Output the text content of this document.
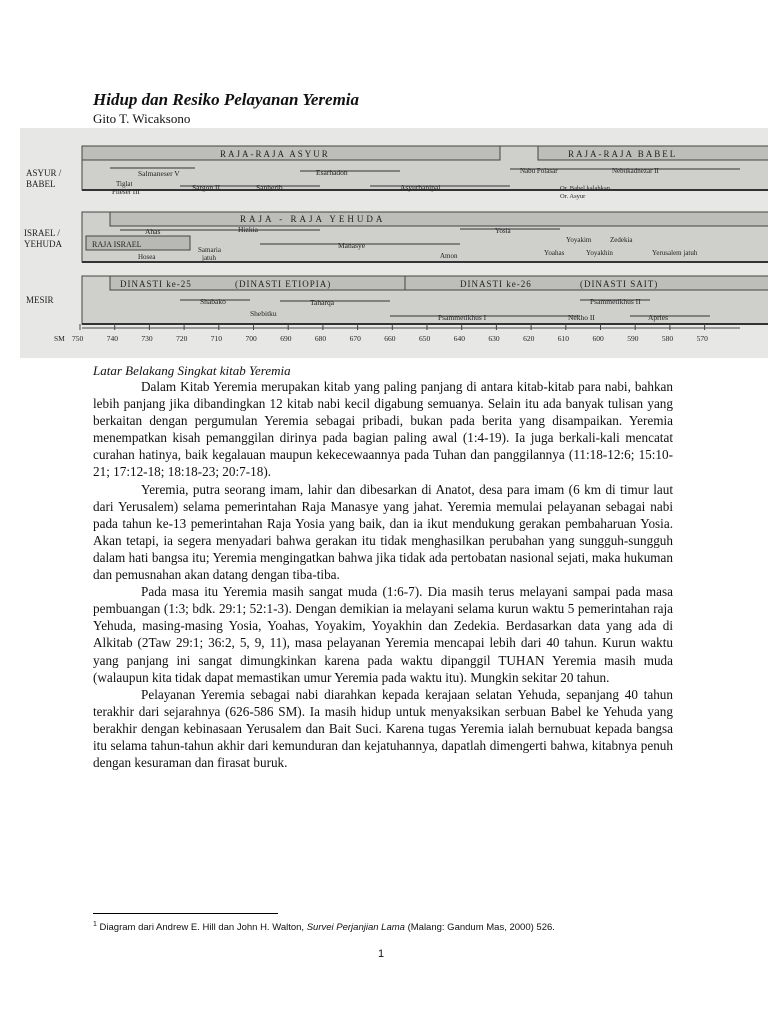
Hidup dan Resiko Pelayanan Yeremia
Gito T. Wicaksono
ASYUR /
BABEL
ISRAEL /
YEHUDA
MESIR
RAJA-RAJA ASYUR	RAJA-RAJA BABEL
RAJA - RAJA YEHUDA
RAJA ISRAEL
DINASTI ke-25	(DINASTI ETIOPIA)	DINASTI ke-26	(DINASTI SAIT)
Tiglat
Pileser III
Salmaneser V
Sargon II	Sanherib
Esarhadon
Asyurbanipal
Nabu Polasar	Nebukadnezar II
Or. Babel kalahkan
Or. Asyur
Ahas	Hizkia
Manasye
Yosia
Amon	Yoahas
Yoyakim
Yoyakhin
Zedekia
Yerusalem jatuh
Hosea
Samaria
jatuh
Shabako
Shebitku
Taharqa
Psammetikhus I
Psammetikhus II
Nekho II	Apries
SM 750	740	730	720	710	700	690	680	670	660	650	640	630	620	610	600	590	580	570
Latar Belakang Singkat kitab Yeremia

Dalam Kitab Yeremia merupakan kitab yang paling panjang di antara kitab-kitab para nabi, bahkan lebih panjang jika dibandingkan 12 kitab nabi kecil digabung semuanya. Selain itu ada banyak tulisan yang berkaitan dengan pergumulan Yeremia sebagai pribadi, bukan pada berita yang disampaikan. Yeremia menempatkan kisah pemanggilan dirinya pada bagian paling awal (1:4-19). Ia juga berkali-kali mencatat curahan hatinya, baik kegalauan maupun kekecewaannya pada Tuhan dan panggilannya (11:18-12:6; 15:10-21; 17:12-18; 18:18-23; 20:7-18).

Yeremia, putra seorang imam, lahir dan dibesarkan di Anatot, desa para imam (6 km di timur laut dari Yerusalem) selama pemerintahan Raja Manasye yang jahat. Yeremia memulai pelayanan sebagai nabi pada tahun ke-13 pemerintahan Raja Yosia yang baik, dan ia ikut mendukung gerakan pembaharuan Yosia. Akan tetapi, ia segera menyadari bahwa gerakan itu tidak menghasilkan perubahan yang sungguh-sungguh dalam hati bangsa itu; Yeremia mengingatkan bahwa jika tidak ada pertobatan nasional sejati, maka hukuman dan pemusnahan akan datang dengan tiba-tiba.

Pada masa itu Yeremia masih sangat muda (1:6-7). Dia masih terus melayani sampai pada masa pembuangan (1:3; bdk. 29:1; 52:1-3). Dengan demikian ia melayani selama kurun waktu 5 pemerintahan raja Yehuda, masing-masing Yosia, Yoahas, Yoyakim, Yoyakhin dan Zedekia. Berdasarkan data yang ada di Alkitab (2Taw 29:1; 36:2, 5, 9, 11), masa pelayanan Yeremia mencapai lebih dari 40 tahun. Kurun waktu yang panjang ini sangat dimungkinkan karena pada waktu dipanggil TUHAN Yeremia masih muda (walaupun kita tidak dapat memastikan umur Yeremia pada waktu itu). Mungkin sekitar 20 tahun.

Pelayanan Yeremia sebagai nabi diarahkan kepada kerajaan selatan Yehuda, sepanjang 40 tahun terakhir dari sejarahnya (626-586 SM). Ia masih hidup untuk menyaksikan serbuan Babel ke Yehuda yang berakhir dengan kebinasaan Yerusalem dan Bait Suci. Karena tugas Yeremia ialah bernubuat kepada bangsa itu selama tahun-tahun akhir dari kemunduran dan kejatuhannya, dapatlah dimengerti bahwa, kitabnya penuh dengan kesuraman dan firasat buruk.

$^1$ Diagram dari Andrew E. Hill dan John H. Walton, Survei Perjanjian Lama (Malang: Gandum Mas, 2000) 526.
1
